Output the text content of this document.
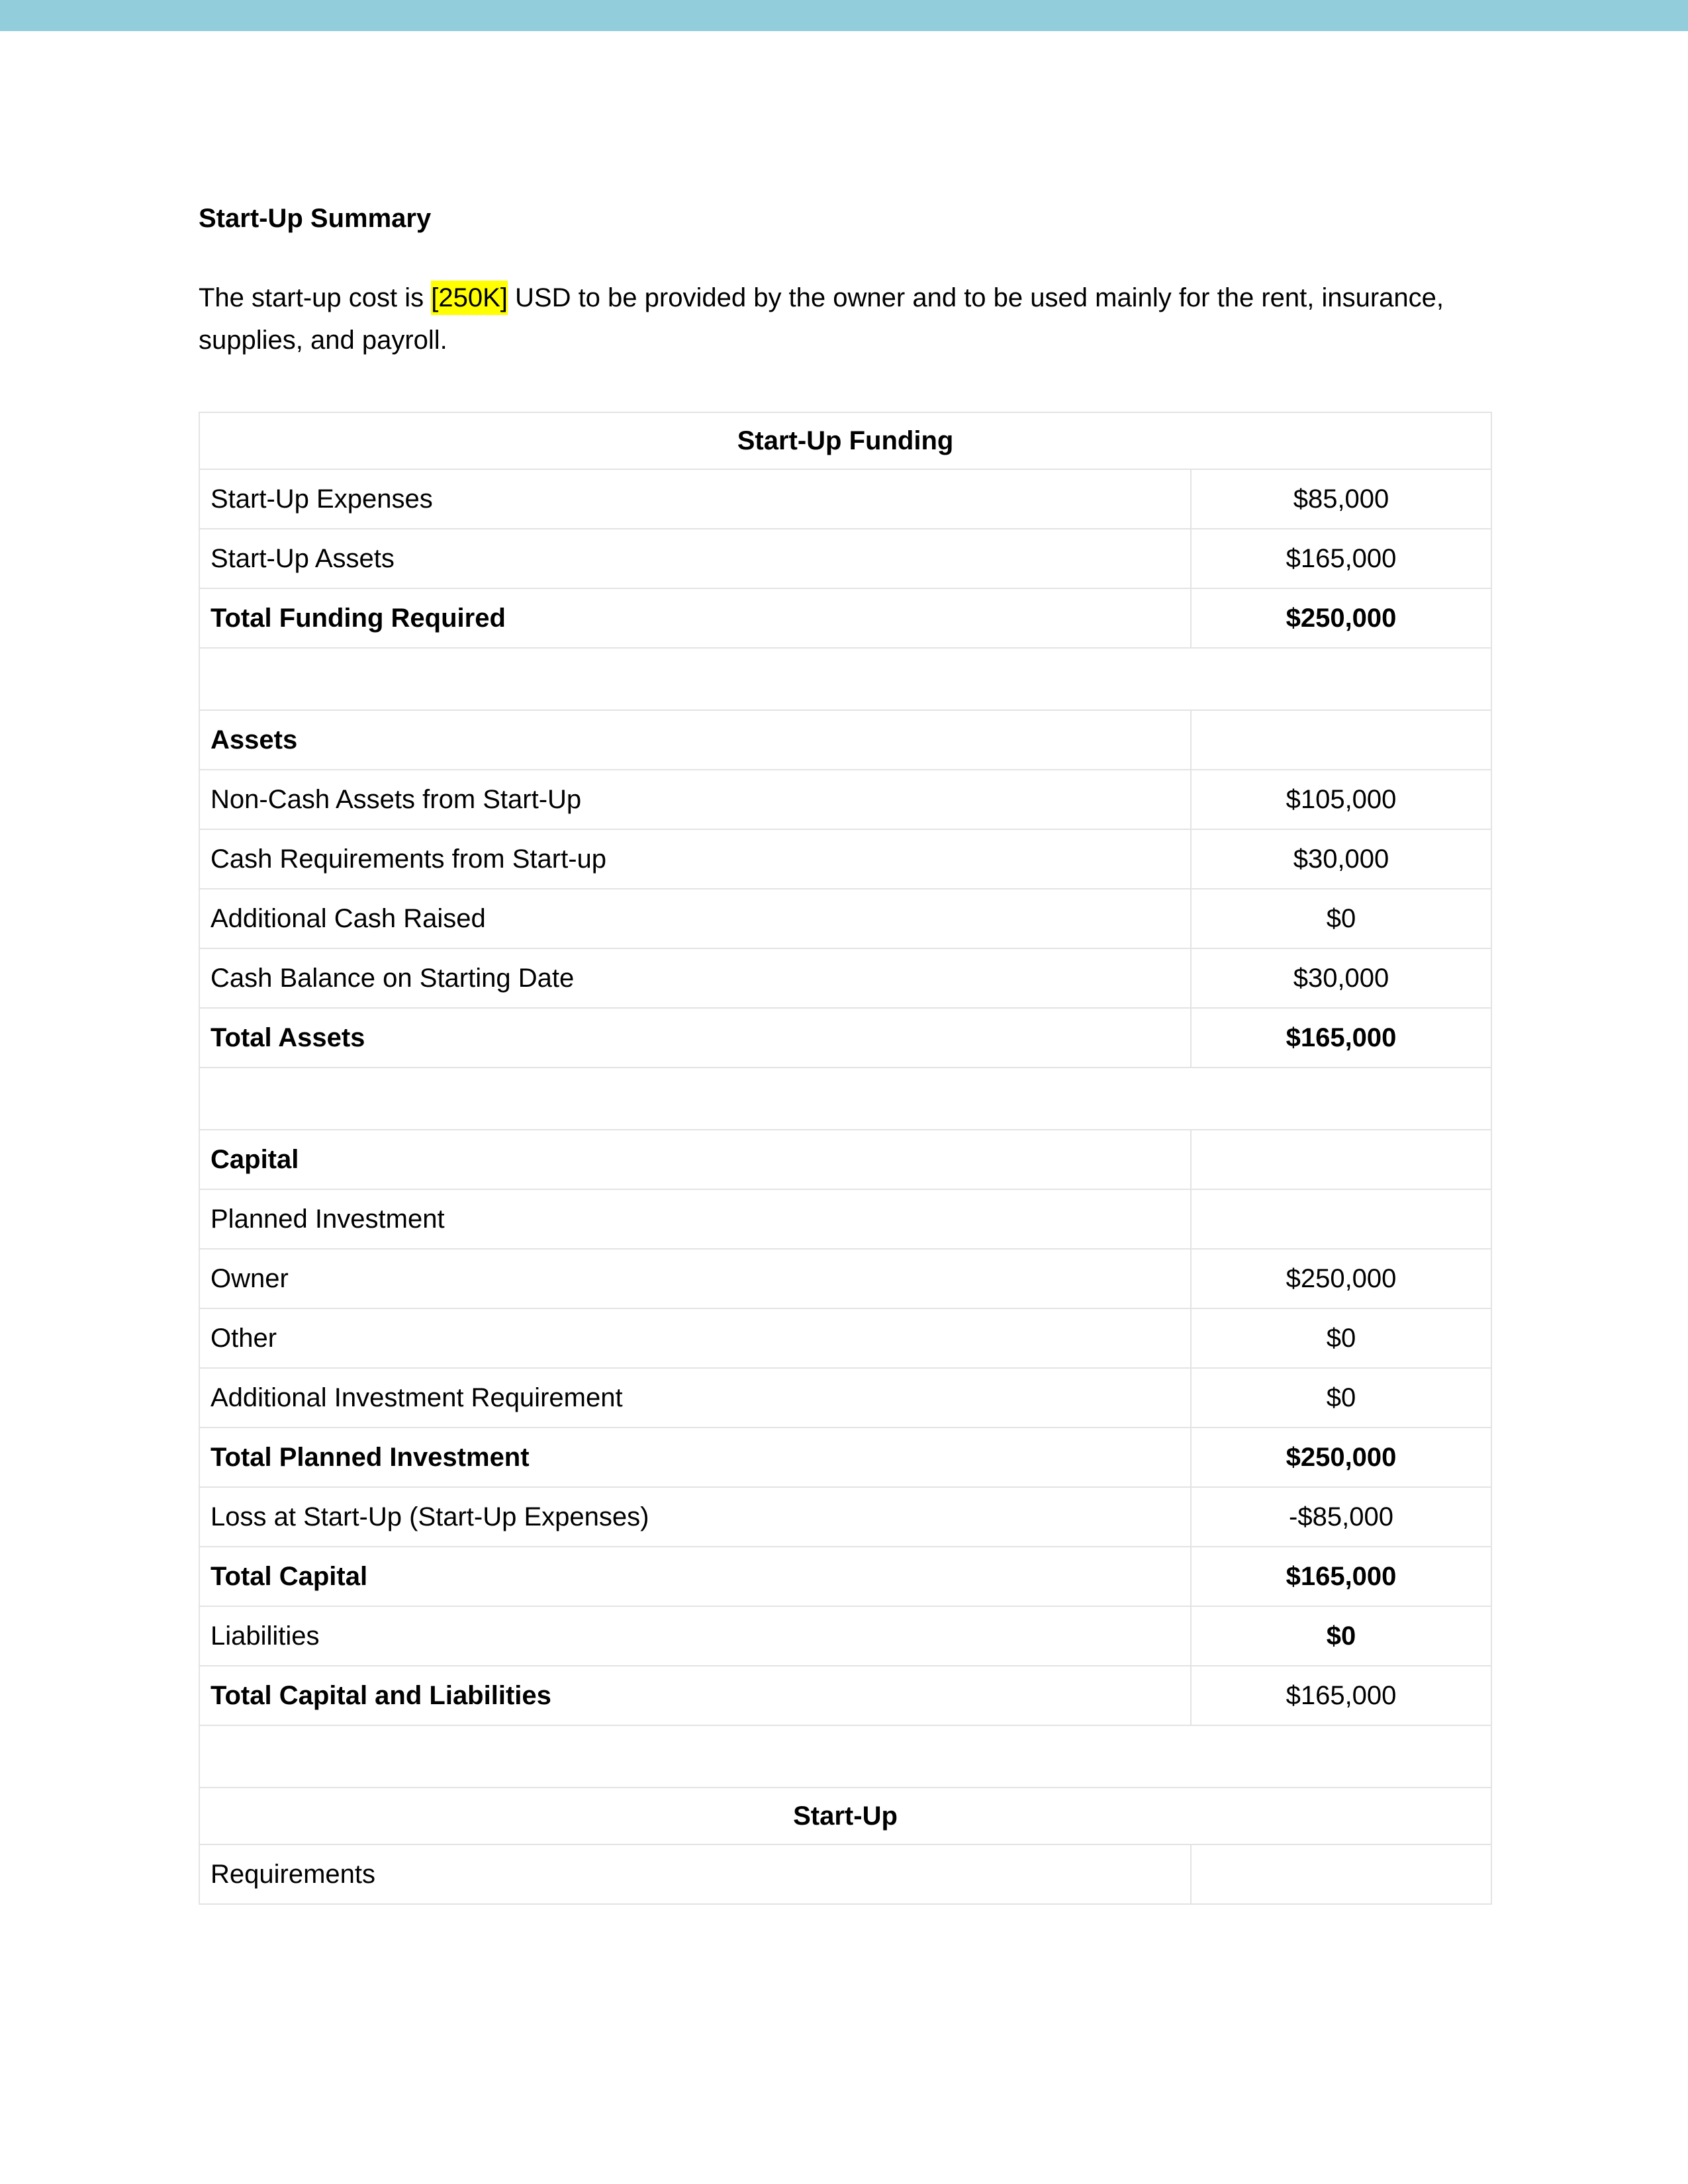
Start-Up Summary

The start-up cost is [250K] USD to be provided by the owner and to be used mainly for the rent, insurance, supplies, and payroll.

Start-Up Funding	
Start-Up Expenses	$85,000
Start-Up Assets	$165,000
Total Funding Required	$250,000

Assets	
Non-Cash Assets from Start-Up	$105,000
Cash Requirements from Start-up	$30,000
Additional Cash Raised	$0
Cash Balance on Starting Date	$30,000
Total Assets	$165,000

Capital	
Planned Investment	
Owner	$250,000
Other	$0
Additional Investment Requirement	$0
Total Planned Investment	$250,000
Loss at Start-Up (Start-Up Expenses)	-$85,000
Total Capital	$165,000
Liabilities	$0
Total Capital and Liabilities	$165,000

Start-Up	
Requirements	
